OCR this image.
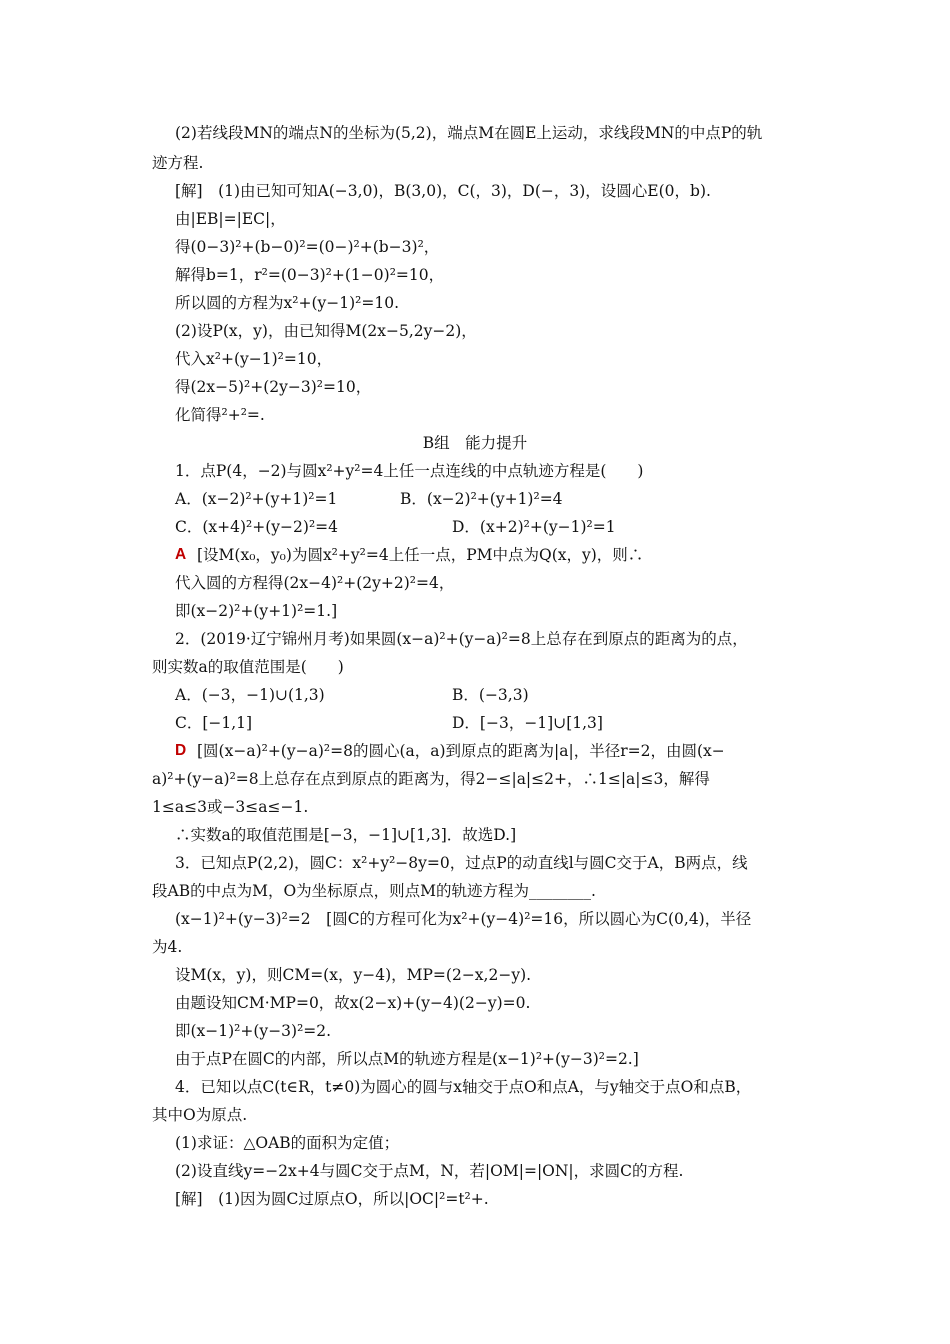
(2)若线段MN的端点N的坐标为(5,2)，端点M在圆E上运动，求线段MN的中点P的轨
迹方程.
[解]　(1)由已知可知A(−3,0)，B(3,0)，C(，3)，D(−，3)，设圆心E(0，b).
由|EB|=|EC|，
得(0−3)²+(b−0)²=(0−)²+(b−3)²，
解得b=1，r²=(0−3)²+(1−0)²=10，
所以圆的方程为x²+(y−1)²=10.
(2)设P(x，y)，由已知得M(2x−5,2y−2)，
代入x²+(y−1)²=10，
得(2x−5)²+(2y−3)²=10，
化简得²+²=.
B组　能力提升
1．点P(4，−2)与圆x²+y²=4上任一点连线的中点轨迹方程是(　　)
A．(x−2)²+(y+1)²=1	B．(x−2)²+(y+1)²=4
C．(x+4)²+(y−2)²=4	D．(x+2)²+(y−1)²=1
A [设M(x₀，y₀)为圆x²+y²=4上任一点，PM中点为Q(x，y)，则∴
代入圆的方程得(2x−4)²+(2y+2)²=4，
即(x−2)²+(y+1)²=1.]
2．(2019·辽宁锦州月考)如果圆(x−a)²+(y−a)²=8上总存在到原点的距离为的点，
则实数a的取值范围是(　　)
A．(−3，−1)∪(1,3)	B．(−3,3)
C．[−1,1]	D．[−3，−1]∪[1,3]
D [圆(x−a)²+(y−a)²=8的圆心(a，a)到原点的距离为|a|，半径r=2，由圆(x−
a)²+(y−a)²=8上总存在点到原点的距离为，得2−≤|a|≤2+，∴1≤|a|≤3，解得
1≤a≤3或−3≤a≤−1.
∴实数a的取值范围是[−3，−1]∪[1,3]．故选D.]
3．已知点P(2,2)，圆C：x²+y²−8y=0，过点P的动直线l与圆C交于A，B两点，线
段AB的中点为M，O为坐标原点，则点M的轨迹方程为________.
(x−1)²+(y−3)²=2　[圆C的方程可化为x²+(y−4)²=16，所以圆心为C(0,4)，半径
为4.
设M(x，y)，则CM=(x，y−4)，MP=(2−x,2−y).
由题设知CM·MP=0，故x(2−x)+(y−4)(2−y)=0.
即(x−1)²+(y−3)²=2.
由于点P在圆C的内部，所以点M的轨迹方程是(x−1)²+(y−3)²=2.]
4．已知以点C(t∈R，t≠0)为圆心的圆与x轴交于点O和点A，与y轴交于点O和点B，
其中O为原点.
(1)求证：△OAB的面积为定值；
(2)设直线y=−2x+4与圆C交于点M，N，若|OM|=|ON|，求圆C的方程.
[解]　(1)因为圆C过原点O，所以|OC|²=t²+.
